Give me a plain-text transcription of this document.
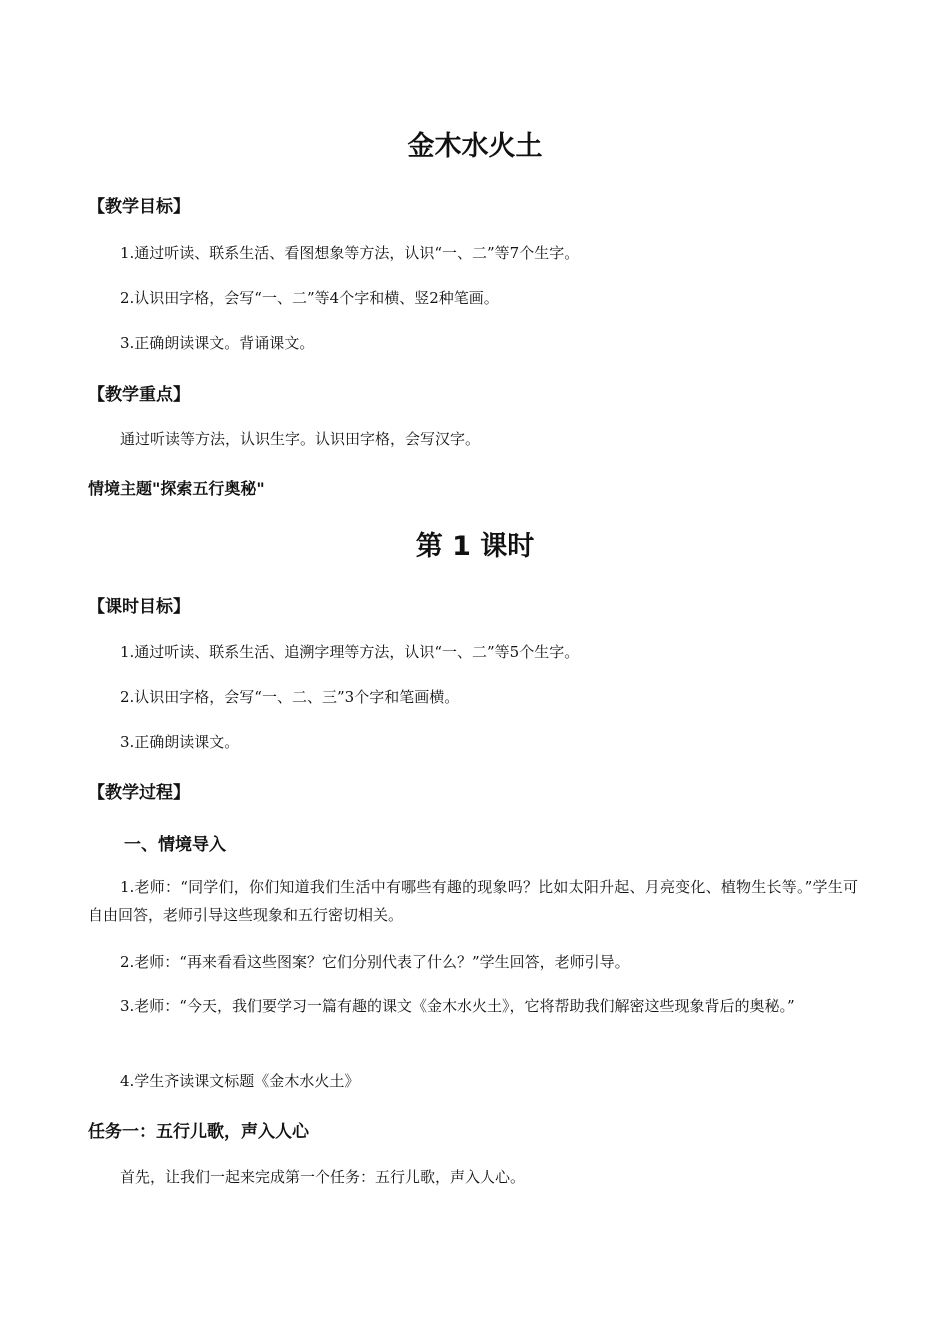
金木水火土
【教学目标】
1.通过听读、联系生活、看图想象等方法，认识“一、二”等7个生字。
2.认识田字格，会写“一、二”等4个字和横、竖2种笔画。
3.正确朗读课文。背诵课文。
【教学重点】
通过听读等方法，认识生字。认识田字格，会写汉字。
情境主题"探索五行奥秘"
第 1 课时
【课时目标】
1.通过听读、联系生活、追溯字理等方法，认识“一、二”等5个生字。
2.认识田字格，会写“一、二、三”3个字和笔画横。
3.正确朗读课文。
【教学过程】
一、情境导入
1.老师：“同学们，你们知道我们生活中有哪些有趣的现象吗？比如太阳升起、月亮变化、植物生长等。”学生可自由回答，老师引导这些现象和五行密切相关。
2.老师：“再来看看这些图案？它们分别代表了什么？”学生回答，老师引导。
3.老师：“今天，我们要学习一篇有趣的课文《金木水火土》，它将帮助我们解密这些现象背后的奥秘。”
4.学生齐读课文标题《金木水火土》
任务一：五行儿歌，声入人心
首先，让我们一起来完成第一个任务：五行儿歌，声入人心。
